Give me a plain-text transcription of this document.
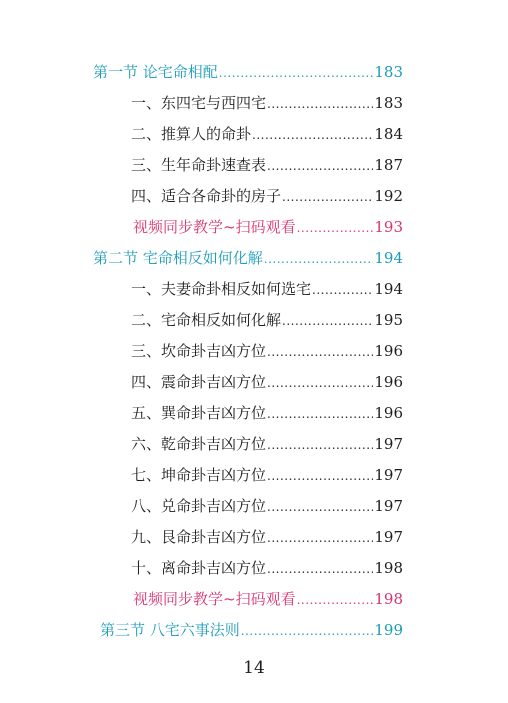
第一节 论宅命相配 .....	183
一、东四宅与西四宅 .....	183
二、推算人的命卦 .....	184
三、生年命卦速查表 .....	187
四、适合各命卦的房子 .....	192
视频同步教学~扫码观看 .....	193
第二节 宅命相反如何化解 .....	194
一、夫妻命卦相反如何选宅 .....	194
二、宅命相反如何化解 .....	195
三、坎命卦吉凶方位 .....	196
四、震命卦吉凶方位 .....	196
五、巽命卦吉凶方位 .....	196
六、乾命卦吉凶方位 .....	197
七、坤命卦吉凶方位 .....	197
八、兑命卦吉凶方位 .....	197
九、艮命卦吉凶方位 .....	197
十、离命卦吉凶方位 .....	198
视频同步教学~扫码观看 .....	198
第三节 八宅六事法则 .....	199
14
